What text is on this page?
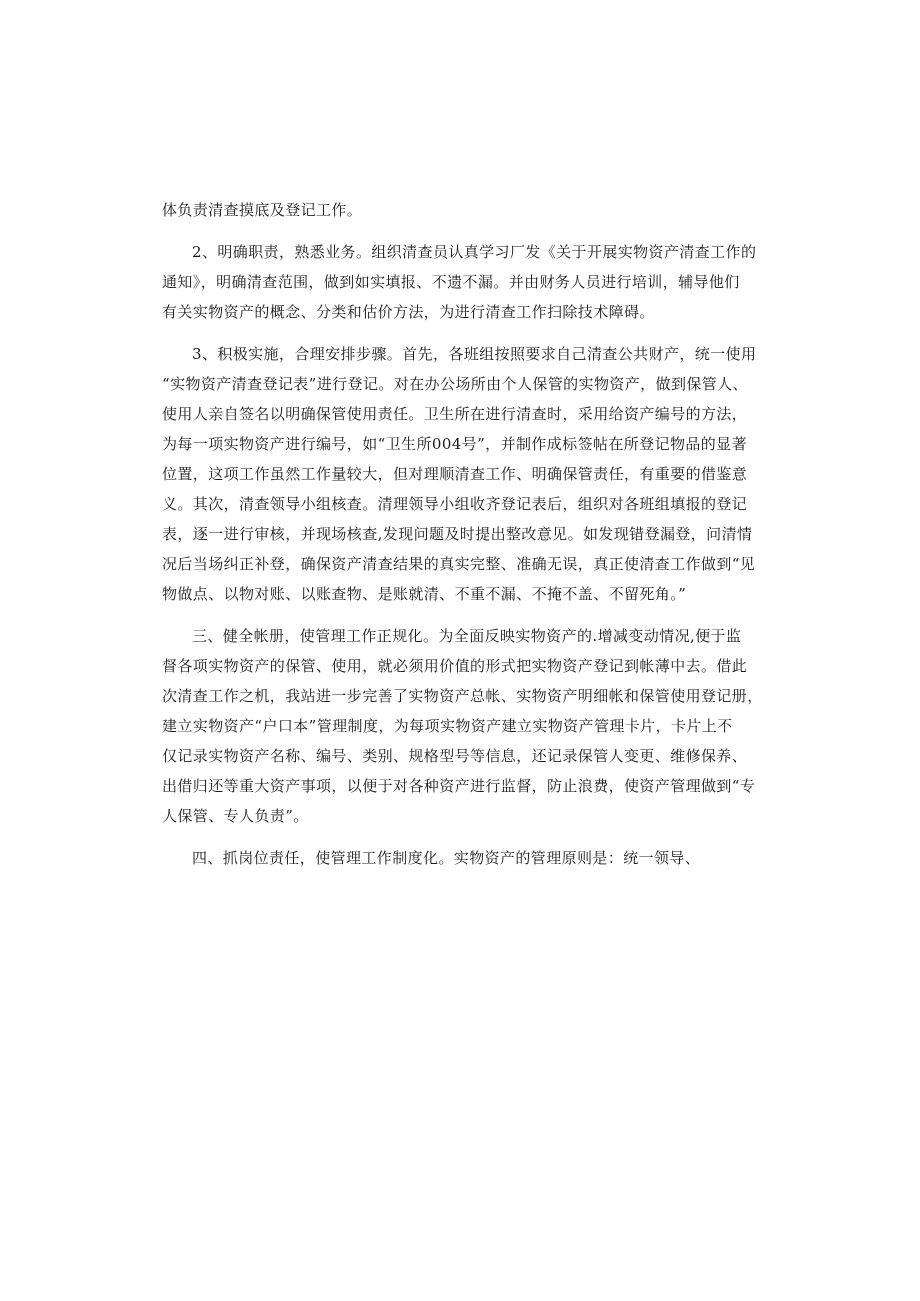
体负责清查摸底及登记工作。
2、明确职责，熟悉业务。组织清查员认真学习厂发《关于开展实物资产清查工作的
通知》，明确清查范围，做到如实填报、不遗不漏。并由财务人员进行培训，辅导他们
有关实物资产的概念、分类和估价方法，为进行清查工作扫除技术障碍。
3、积极实施，合理安排步骤。首先，各班组按照要求自己清查公共财产，统一使用
“实物资产清查登记表”进行登记。对在办公场所由个人保管的实物资产，做到保管人、
使用人亲自签名以明确保管使用责任。卫生所在进行清查时，采用给资产编号的方法，
为每一项实物资产进行编号，如“卫生所004号”，并制作成标签帖在所登记物品的显著
位置，这项工作虽然工作量较大，但对理顺清查工作、明确保管责任，有重要的借鉴意
义。其次，清查领导小组核查。清理领导小组收齐登记表后，组织对各班组填报的登记
表，逐一进行审核，并现场核查,发现问题及时提出整改意见。如发现错登漏登，问清情
况后当场纠正补登，确保资产清查结果的真实完整、准确无误，真正使清查工作做到“见
物做点、以物对账、以账查物、是账就清、不重不漏、不掩不盖、不留死角。”
三、健全帐册，使管理工作正规化。为全面反映实物资产的.增减变动情况,便于监
督各项实物资产的保管、使用，就必须用价值的形式把实物资产登记到帐薄中去。借此
次清查工作之机，我站进一步完善了实物资产总帐、实物资产明细帐和保管使用登记册，
建立实物资产“户口本”管理制度，为每项实物资产建立实物资产管理卡片，卡片上不
仅记录实物资产名称、编号、类别、规格型号等信息，还记录保管人变更、维修保养、
出借归还等重大资产事项，以便于对各种资产进行监督，防止浪费，使资产管理做到“专
人保管、专人负责”。
四、抓岗位责任，使管理工作制度化。实物资产的管理原则是：统一领导、
